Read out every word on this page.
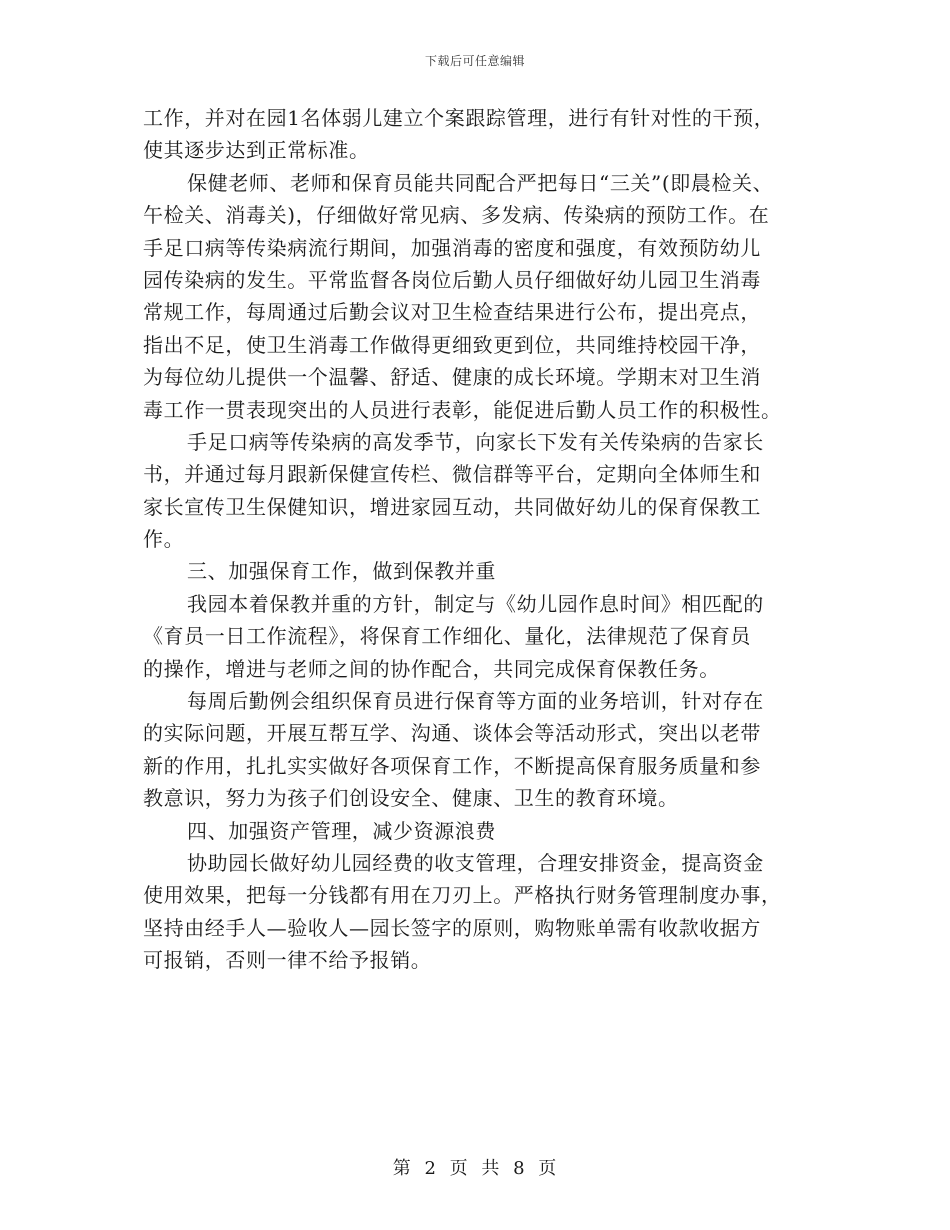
下载后可任意编辑
工作，并对在园1名体弱儿建立个案跟踪管理，进行有针对性的干预，
使其逐步达到正常标准。
保健老师、老师和保育员能共同配合严把每日“三关”(即晨检关、
午检关、消毒关)，仔细做好常见病、多发病、传染病的预防工作。在
手足口病等传染病流行期间，加强消毒的密度和强度，有效预防幼儿
园传染病的发生。平常监督各岗位后勤人员仔细做好幼儿园卫生消毒
常规工作，每周通过后勤会议对卫生检查结果进行公布，提出亮点，
指出不足，使卫生消毒工作做得更细致更到位，共同维持校园干净，
为每位幼儿提供一个温馨、舒适、健康的成长环境。学期末对卫生消
毒工作一贯表现突出的人员进行表彰，能促进后勤人员工作的积极性。
手足口病等传染病的高发季节，向家长下发有关传染病的告家长
书，并通过每月跟新保健宣传栏、微信群等平台，定期向全体师生和
家长宣传卫生保健知识，增进家园互动，共同做好幼儿的保育保教工
作。
三、加强保育工作，做到保教并重
我园本着保教并重的方针，制定与《幼儿园作息时间》相匹配的
《育员一日工作流程》，将保育工作细化、量化，法律规范了保育员
的操作，增进与老师之间的协作配合，共同完成保育保教任务。
每周后勤例会组织保育员进行保育等方面的业务培训，针对存在
的实际问题，开展互帮互学、沟通、谈体会等活动形式，突出以老带
新的作用，扎扎实实做好各项保育工作，不断提高保育服务质量和参
教意识，努力为孩子们创设安全、健康、卫生的教育环境。
四、加强资产管理，减少资源浪费
协助园长做好幼儿园经费的收支管理，合理安排资金，提高资金
使用效果，把每一分钱都有用在刀刃上。严格执行财务管理制度办事，
坚持由经手人—验收人—园长签字的原则，购物账单需有收款收据方
可报销，否则一律不给予报销。
第 2 页 共 8 页
